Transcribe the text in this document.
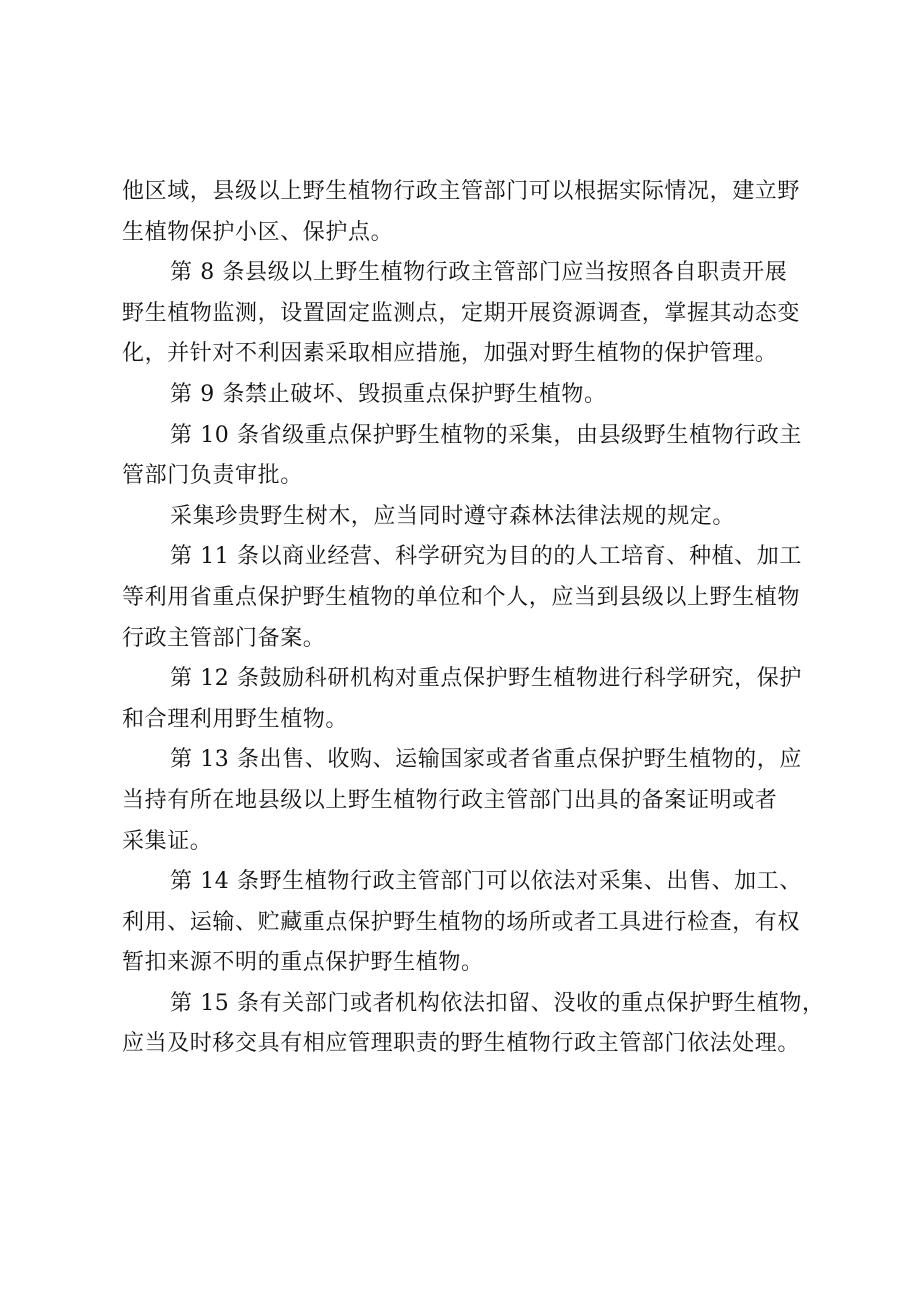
他区域，县级以上野生植物行政主管部门可以根据实际情况，建立野
生植物保护小区、保护点。

第 8 条县级以上野生植物行政主管部门应当按照各自职责开展
野生植物监测，设置固定监测点，定期开展资源调查，掌握其动态变
化，并针对不利因素采取相应措施，加强对野生植物的保护管理。

第 9 条禁止破坏、毁损重点保护野生植物。

第 10 条省级重点保护野生植物的采集，由县级野生植物行政主
管部门负责审批。

采集珍贵野生树木，应当同时遵守森林法律法规的规定。

第 11 条以商业经营、科学研究为目的的人工培育、种植、加工
等利用省重点保护野生植物的单位和个人，应当到县级以上野生植物
行政主管部门备案。

第 12 条鼓励科研机构对重点保护野生植物进行科学研究，保护
和合理利用野生植物。

第 13 条出售、收购、运输国家或者省重点保护野生植物的，应
当持有所在地县级以上野生植物行政主管部门出具的备案证明或者
采集证。

第 14 条野生植物行政主管部门可以依法对采集、出售、加工、
利用、运输、贮藏重点保护野生植物的场所或者工具进行检查，有权
暂扣来源不明的重点保护野生植物。

第 15 条有关部门或者机构依法扣留、没收的重点保护野生植物，
应当及时移交具有相应管理职责的野生植物行政主管部门依法处理。
